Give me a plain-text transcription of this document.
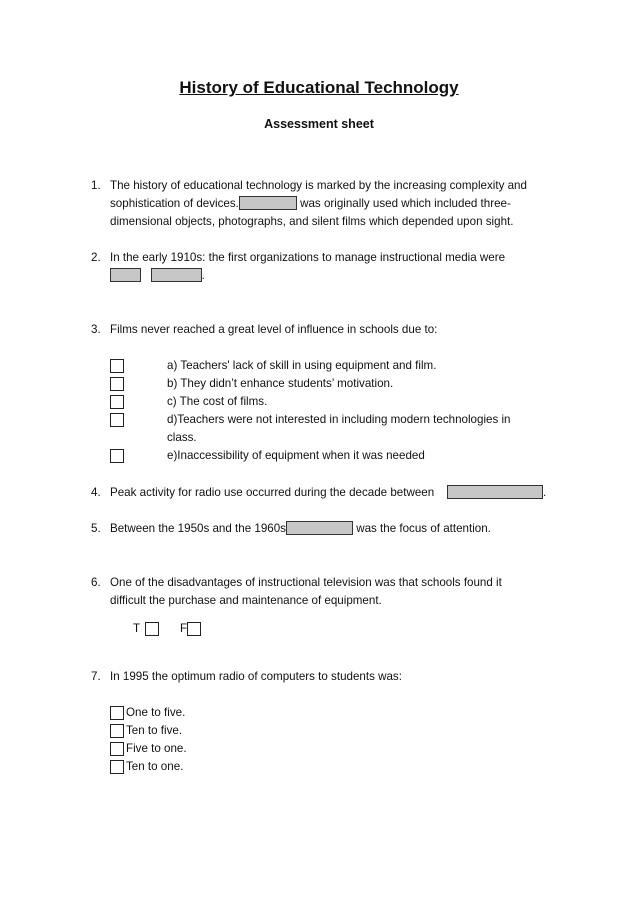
History of Educational Technology
Assessment sheet
1. The history of educational technology is marked by the increasing complexity and
sophistication of devices.	was originally used which included three-
dimensional objects, photographs, and silent films which depended upon sight.
2. In the early 1910s: the first organizations to manage instructional media were
.
3. Films never reached a great level of influence in schools due to:
a) Teachers' lack of skill in using equipment and film.
b) They didn’t enhance students’ motivation.
c) The cost of films.
d)Teachers were not interested in including modern technologies in
class.
e)Inaccessibility of equipment when it was needed
4. Peak activity for radio use occurred during the decade between	.
5. Between the 1950s and the 1960s	was the focus of attention.
6. One of the disadvantages of instructional television was that schools found it
difficult the purchase and maintenance of equipment.
T	F
7. In 1995 the optimum radio of computers to students was:
One to five.
Ten to five.
Five to one.
Ten to one.
